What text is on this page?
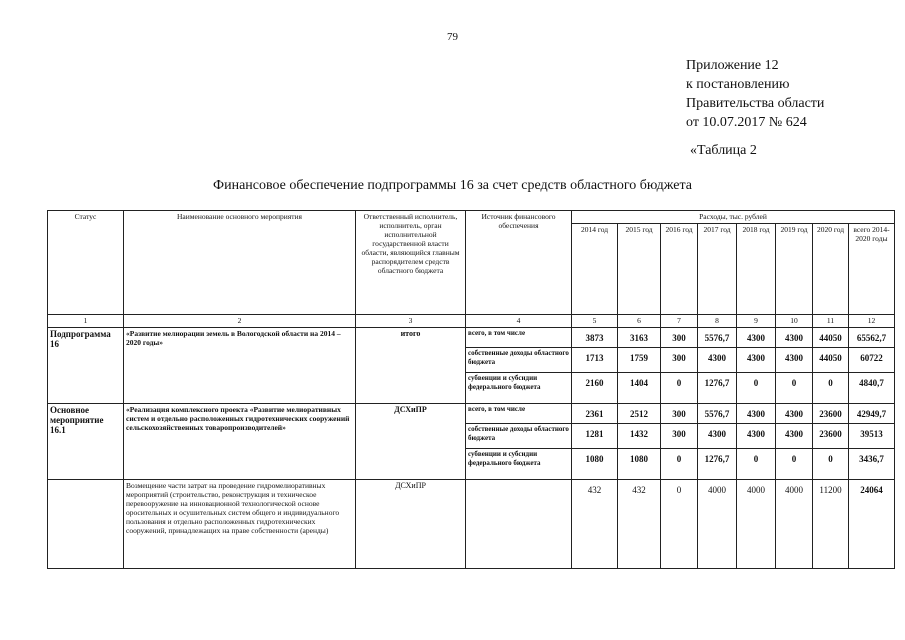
79
Приложение 12
к постановлению
Правительства области
от 10.07.2017 № 624
«Таблица 2
Финансовое обеспечение подпрограммы 16 за счет средств областного бюджета
Статус	Наименование основного мероприятия	Ответственный исполнитель, исполнитель, орган исполнительной государственной власти области, являющийся главным распорядителем средств областного бюджета	Источник финансового обеспечения	Расходы, тыс. рублей							
				2014 год	2015 год	2016 год	2017 год	2018 год	2019 год	2020 год	всего 2014-2020 годы
1	2	3	4	5	6	7	8	9	10	11	12
Подпрограмма 16	«Развитие мелиорации земель в Вологодской области на 2014 – 2020 годы»	итого	всего, в том числе	3873	3163	300	5576,7	4300	4300	44050	65562,7
			собственные доходы областного бюджета	1713	1759	300	4300	4300	4300	44050	60722
			субвенции и субсидии федерального бюджета	2160	1404	0	1276,7	0	0	0	4840,7
Основное мероприятие 16.1	«Реализация комплексного проекта «Развитие мелиоративных систем и отдельно расположенных гидротехнических сооружений сельскохозяйственных товаропроизводителей»	ДСХиПР	всего, в том числе	2361	2512	300	5576,7	4300	4300	23600	42949,7
			собственные доходы областного бюджета	1281	1432	300	4300	4300	4300	23600	39513
			субвенции и субсидии федерального бюджета	1080	1080	0	1276,7	0	0	0	3436,7
	Возмещение части затрат на проведение гидромелиоративных мероприятий (строительство, реконструкция и техническое перевооружение на инновационной технологической основе оросительных и осушительных систем общего и индивидуального пользования и отдельно расположенных гидротехнических сооружений, принадлежащих на праве собственности (аренды)	ДСХиПР		432	432	0	4000	4000	4000	11200	24064
